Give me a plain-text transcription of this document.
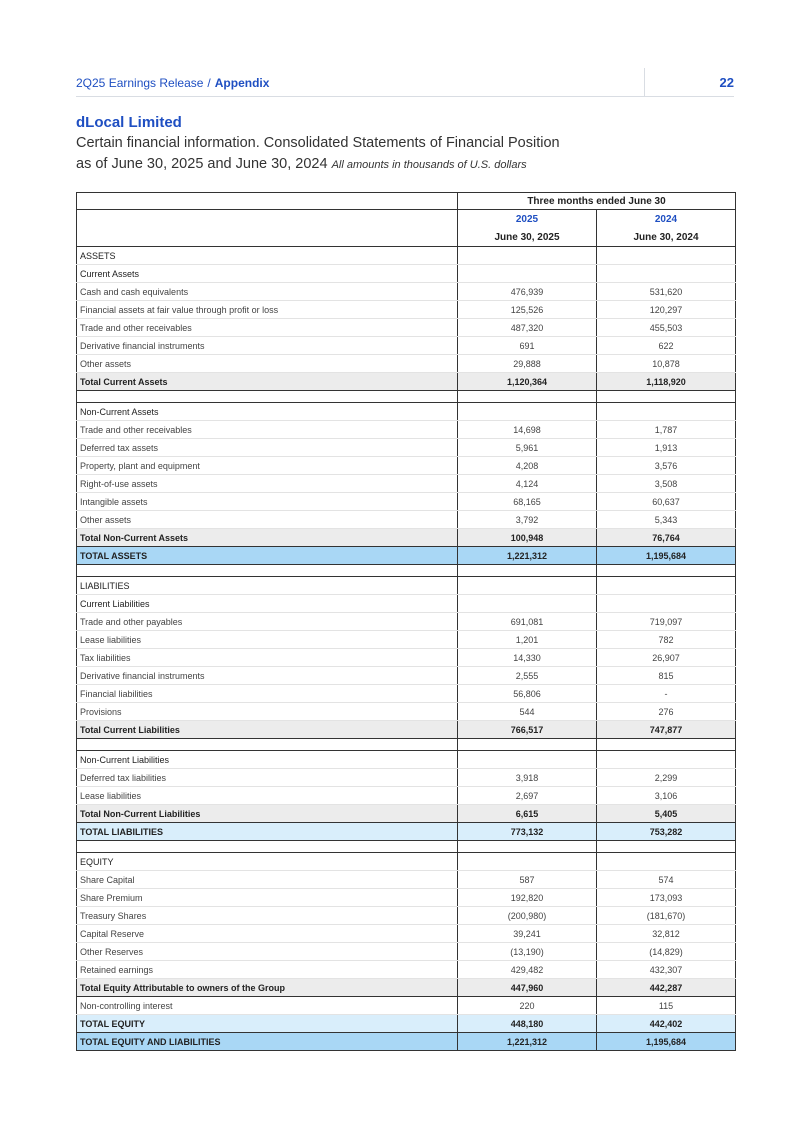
2Q25 Earnings Release / Appendix	22
dLocal Limited
Certain financial information. Consolidated Statements of Financial Position
as of June 30, 2025 and June 30, 2024 All amounts in thousands of U.S. dollars
	Three months ended June 30	
	2025	2024
	June 30, 2025	June 30, 2024
ASSETS		
Current Assets		
Cash and cash equivalents	476,939	531,620
Financial assets at fair value through profit or loss	125,526	120,297
Trade and other receivables	487,320	455,503
Derivative financial instruments	691	622
Other assets	29,888	10,878
Total Current Assets	1,120,364	1,118,920

Non-Current Assets		
Trade and other receivables	14,698	1,787
Deferred tax assets	5,961	1,913
Property, plant and equipment	4,208	3,576
Right-of-use assets	4,124	3,508
Intangible assets	68,165	60,637
Other assets	3,792	5,343
Total Non-Current Assets	100,948	76,764
TOTAL ASSETS	1,221,312	1,195,684

LIABILITIES		
Current Liabilities		
Trade and other payables	691,081	719,097
Lease liabilities	1,201	782
Tax liabilities	14,330	26,907
Derivative financial instruments	2,555	815
Financial liabilities	56,806	-
Provisions	544	276
Total Current Liabilities	766,517	747,877

Non-Current Liabilities		
Deferred tax liabilities	3,918	2,299
Lease liabilities	2,697	3,106
Total Non-Current Liabilities	6,615	5,405
TOTAL LIABILITIES	773,132	753,282

EQUITY		
Share Capital	587	574
Share Premium	192,820	173,093
Treasury Shares	(200,980)	(181,670)
Capital Reserve	39,241	32,812
Other Reserves	(13,190)	(14,829)
Retained earnings	429,482	432,307
Total Equity Attributable to owners of the Group	447,960	442,287
Non-controlling interest	220	115
TOTAL EQUITY	448,180	442,402
TOTAL EQUITY AND LIABILITIES	1,221,312	1,195,684
